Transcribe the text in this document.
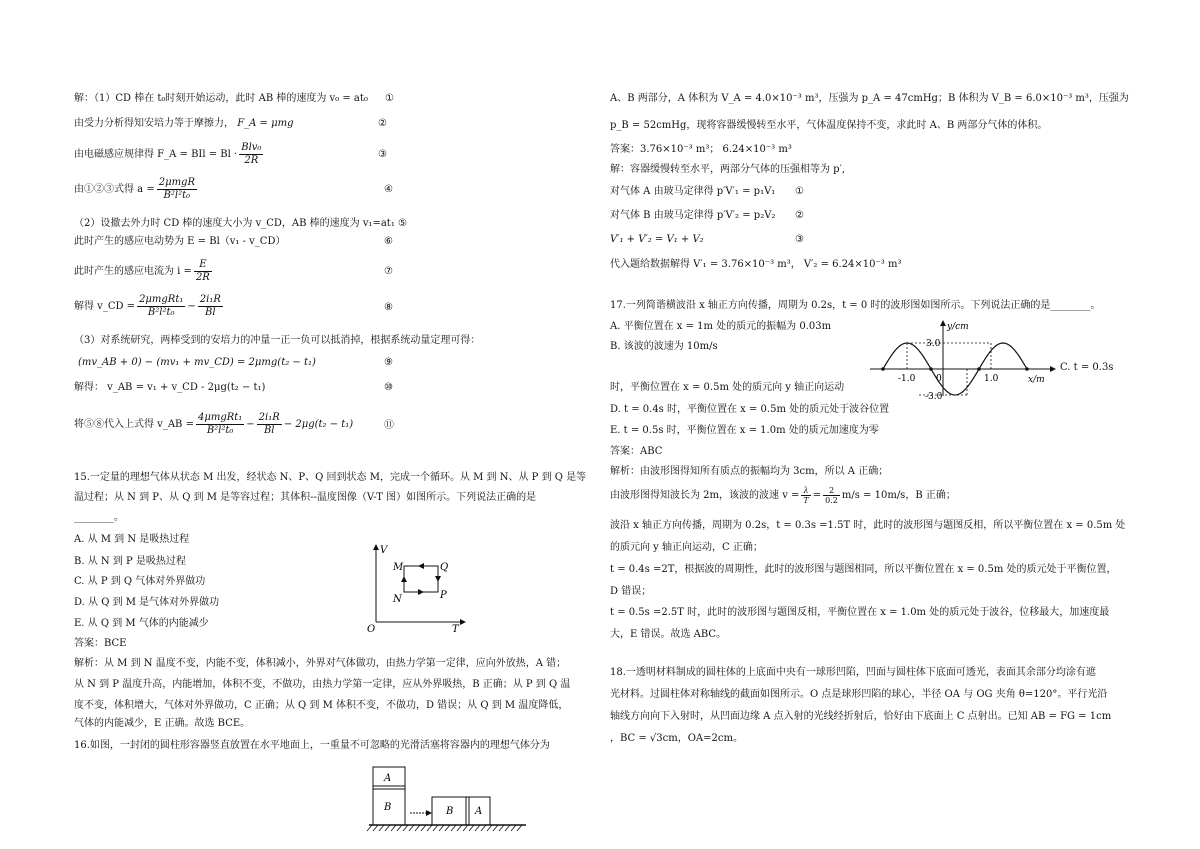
解：（1）CD 棒在 t₀时刻开始运动，此时 AB 棒的速度为 v₀ = at₀ ①
由受力分析得知安培力等于摩擦力， F_A = μmg	②
由电磁感应规律得 F_A = BIl = $Bl \cdot \frac{\text{Blv₀}}{2R}$	③
由①②③式得 $a = \frac{\text{2μmgR}}{\text{B²l²t₀}}$	④
（2）设撤去外力时 CD 棒的速度大小为 v_CD，AB 棒的速度为 v₁=at₁ ⑤
此时产生的感应电动势为 E = Bl（v₁ - v_CD）	⑥
此时产生的感应电流为 $i = \frac{E}{2R}$	⑦
解得 v_CD = $\frac{\text{2μmgRt₁}}{\text{B²l²t₀}} - \frac{\text{2i₁R}}{Bl}$	⑧
（3）对系统研究，两棒受到的安培力的冲量一正一负可以抵消掉，根据系统动量定理可得：
(mv_AB + 0) − (mv₁ + mv_CD) = 2μmg(t₂ − t₁)	⑨
解得： v_AB = v₁ + v_CD - 2μg(t₂ − t₁)	⑩
将⑤⑧代入上式得 v_AB = $\frac{\text{4μmgRt₁}}{\text{B²l²t₀}} - \frac{\text{2i₁R}}{Bl} - 2\mu g(t_2 - t_1)$	⑪
15.一定量的理想气体从状态 M 出发，经状态 N、P、Q 回到状态 M，完成一个循环。从 M 到 N、从 P 到 Q 是等
温过程；从 N 到 P、从 Q 到 M 是等容过程；其体积--温度图像（V-T 图）如图所示。下列说法正确的是
________。
A. 从 M 到 N 是吸热过程
B. 从 N 到 P 是吸热过程
C. 从 P 到 Q 气体对外界做功
D. 从 Q 到 M 是气体对外界做功
E. 从 Q 到 M 气体的内能减少
答案：BCE
解析：从 M 到 N 温度不变，内能不变，体积减小，外界对气体做功，由热力学第一定律，应向外放热，A 错；
从 N 到 P 温度升高，内能增加，体积不变，不做功，由热力学第一定律，应从外界吸热，B 正确；从 P 到 Q 温
度不变，体积增大，气体对外界做功，C 正确；从 Q 到 M 体积不变，不做功，D 错误；从 Q 到 M 温度降低，
气体的内能减少，E 正确。故选 BCE。
16.如图，一封闭的圆柱形容器竖直放置在水平地面上，一重量不可忽略的光滑活塞将容器内的理想气体分为
V
T
O
M
N	P
Q
A
B	B A
A、B 两部分，A 体积为 V_A = 4.0×10⁻³ m³，压强为 p_A = 47cmHg；B 体积为 V_B = 6.0×10⁻³ m³，压强为
p_B = 52cmHg，现将容器缓慢转至水平，气体温度保持不变，求此时 A、B 两部分气体的体积。
答案：3.76×10⁻³ m³； 6.24×10⁻³ m³
解：容器缓慢转至水平，两部分气体的压强相等为 p′,
对气体 A 由玻马定律得 p′V′₁ = p₁V₁ ①
对气体 B 由玻马定律得 p′V′₂ = p₂V₂ ②
V′₁ + V′₂ = V₁ + V₂	③
代入题给数据解得 V′₁ = 3.76×10⁻³ m³， V′₂ = 6.24×10⁻³ m³
17.一列简谐横波沿 x 轴正方向传播，周期为 0.2s，t = 0 时的波形图如图所示。下列说法正确的是________。
A. 平衡位置在 x = 1m 处的质元的振幅为 0.03m
B. 该波的波速为 10m/s
C. t = 0.3s
时，平衡位置在 x = 0.5m 处的质元向 y 轴正向运动
D. t = 0.4s 时，平衡位置在 x = 0.5m 处的质元处于波谷位置
E. t = 0.5s 时，平衡位置在 x = 1.0m 处的质元加速度为零
答案：ABC
解析：由波形图得知所有质点的振幅均为 3cm，所以 A 正确；
由波形图得知波长为 2m，该波的波速 $v = \frac{\lambda}{T} = \frac{2}{0.2} m/s = 10m/s$，B 正确；
波沿 x 轴正方向传播，周期为 0.2s，t = 0.3s =1.5T 时，此时的波形图与题图反相，所以平衡位置在 x = 0.5m 处
的质元向 y 轴正向运动，C 正确；
t = 0.4s =2T，根据波的周期性，此时的波形图与题图相同，所以平衡位置在 x = 0.5m 处的质元处于平衡位置，
D 错误；
t = 0.5s =2.5T 时，此时的波形图与题图反相，平衡位置在 x = 1.0m 处的质元处于波谷，位移最大，加速度最
大，E 错误。故选 ABC。
18.一透明材料制成的圆柱体的上底面中央有一球形凹陷，凹面与圆柱体下底面可透光，表面其余部分均涂有遮
光材料。过圆柱体对称轴线的截面如图所示。O 点是球形凹陷的球心，半径 OA 与 OG 夹角 θ=120°。平行光沿
轴线方向向下入射时，从凹面边缘 A 点入射的光线经折射后，恰好由下底面上 C 点射出。已知 AB = FG = 1cm
，BC = √3cm，OA=2cm。
y/cm
x/m
3.0
-3.0
-1.0 0	1.0
